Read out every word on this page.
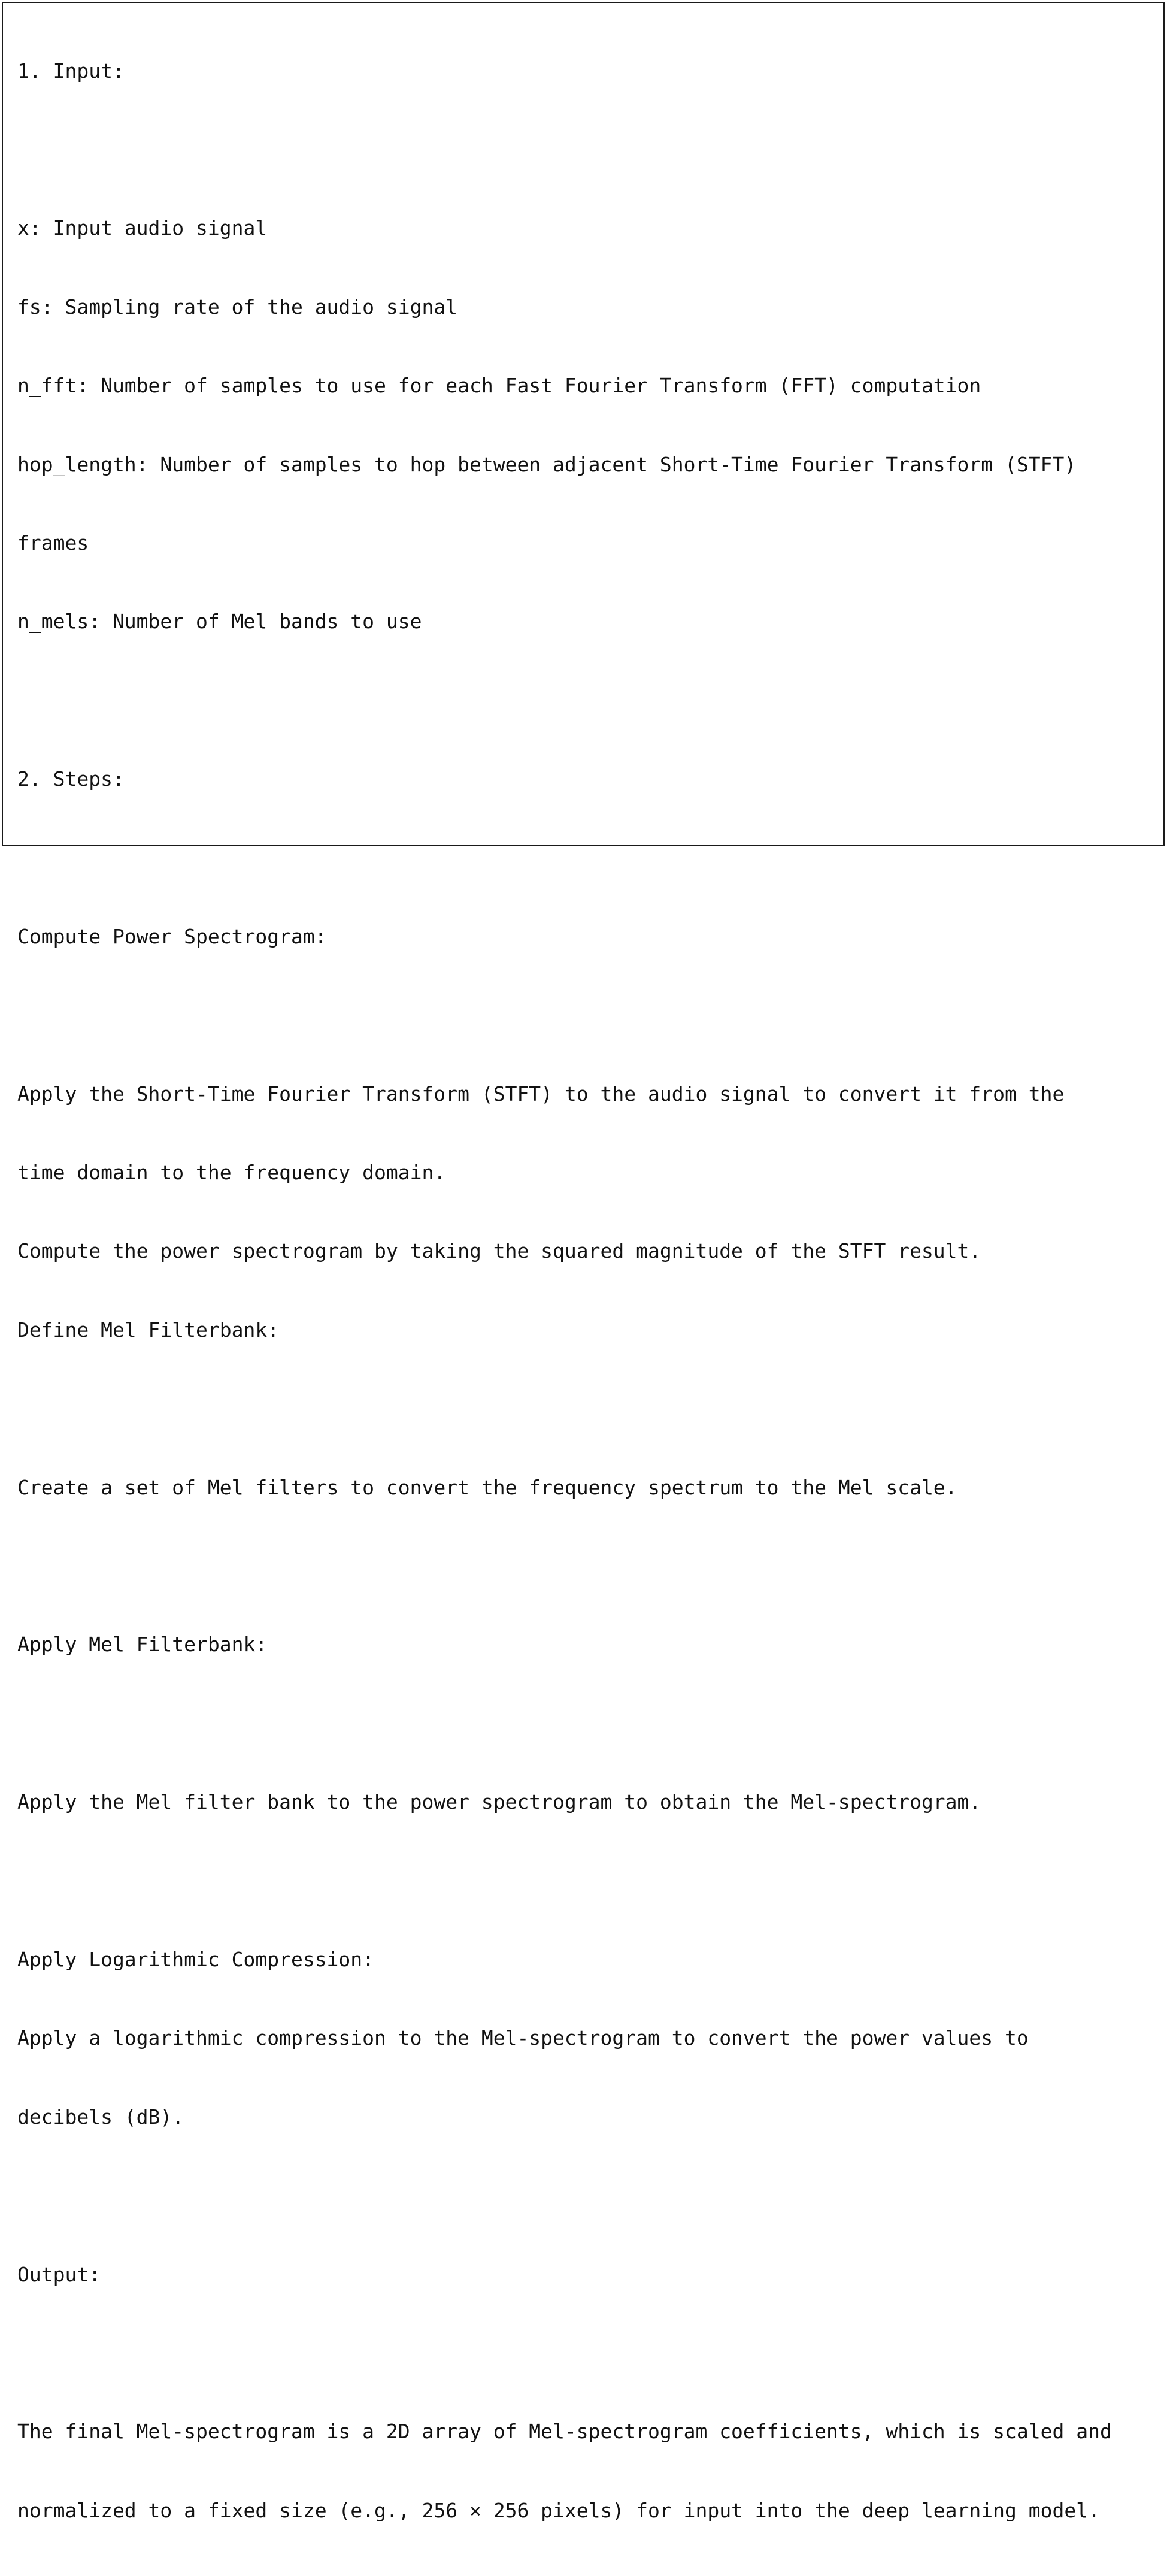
1. Input:

x: Input audio signal

fs: Sampling rate of the audio signal

n_fft: Number of samples to use for each Fast Fourier Transform (FFT) computation

hop_length: Number of samples to hop between adjacent Short-Time Fourier Transform (STFT)

frames

n_mels: Number of Mel bands to use

2. Steps:

Compute Power Spectrogram:

Apply the Short-Time Fourier Transform (STFT) to the audio signal to convert it from the

time domain to the frequency domain.

Compute the power spectrogram by taking the squared magnitude of the STFT result.

Define Mel Filterbank:

Create a set of Mel filters to convert the frequency spectrum to the Mel scale.

Apply Mel Filterbank:

Apply the Mel filter bank to the power spectrogram to obtain the Mel-spectrogram.

Apply Logarithmic Compression:

Apply a logarithmic compression to the Mel-spectrogram to convert the power values to

decibels (dB).

Output:

The final Mel-spectrogram is a 2D array of Mel-spectrogram coefficients, which is scaled and

normalized to a fixed size (e.g., 256 × 256 pixels) for input into the deep learning model.
